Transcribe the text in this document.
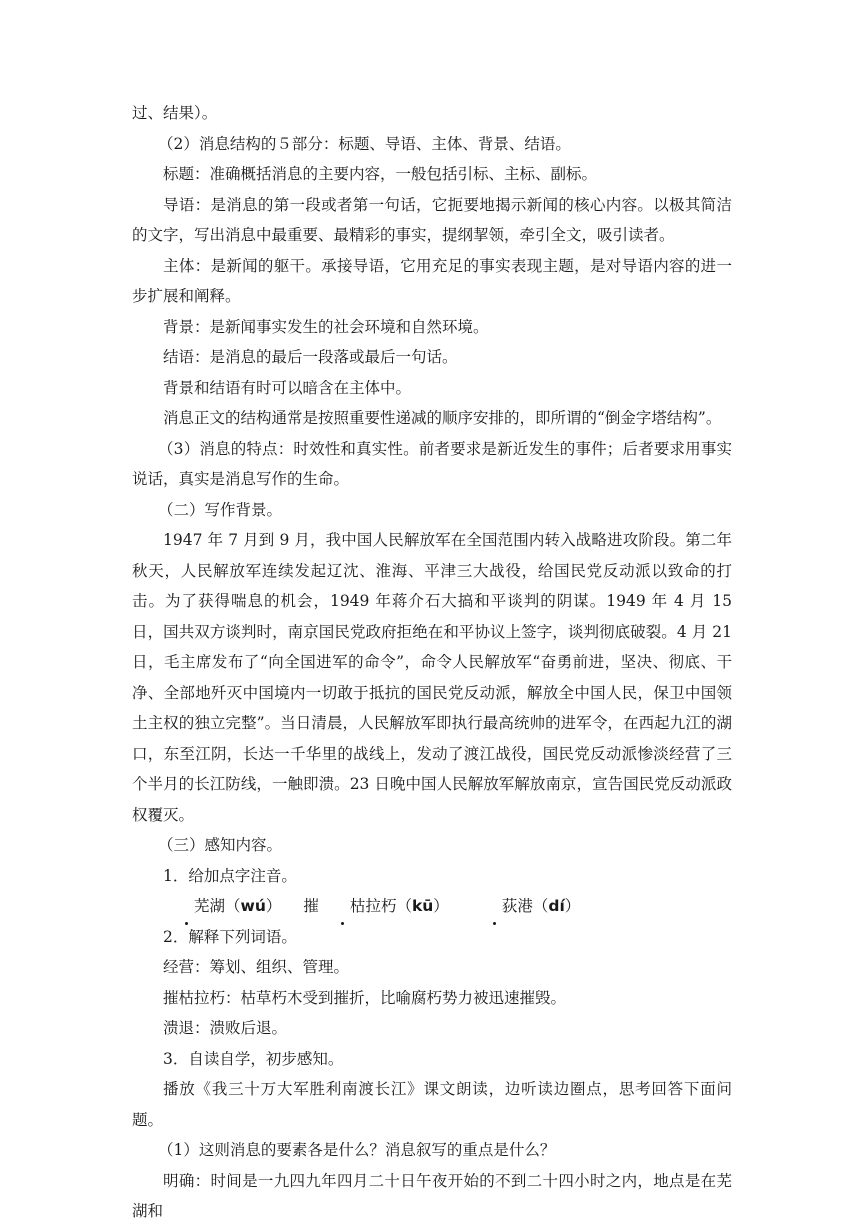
过、结果）。

（2）消息结构的５部分：标题、导语、主体、背景、结语。

标题：准确概括消息的主要内容，一般包括引标、主标、副标。

导语：是消息的第一段或者第一句话，它扼要地揭示新闻的核心内容。以极其简洁的文字，写出消息中最重要、最精彩的事实，提纲挈领，牵引全文，吸引读者。

主体：是新闻的躯干。承接导语，它用充足的事实表现主题，是对导语内容的进一步扩展和阐释。

背景：是新闻事实发生的社会环境和自然环境。

结语：是消息的最后一段落或最后一句话。

背景和结语有时可以暗含在主体中。

消息正文的结构通常是按照重要性递减的顺序安排的，即所谓的“倒金字塔结构”。

（3）消息的特点：时效性和真实性。前者要求是新近发生的事件；后者要求用事实说话，真实是消息写作的生命。

（二）写作背景。

1947 年 7 月到 9 月，我中国人民解放军在全国范围内转入战略进攻阶段。第二年秋天，人民解放军连续发起辽沈、淮海、平津三大战役，给国民党反动派以致命的打击。为了获得喘息的机会，1949 年蒋介石大搞和平谈判的阴谋。1949 年 4 月 15 日，国共双方谈判时，南京国民党政府拒绝在和平协议上签字，谈判彻底破裂。4 月 21 日，毛主席发布了“向全国进军的命令”，命令人民解放军“奋勇前进，坚决、彻底、干净、全部地歼灭中国境内一切敢于抵抗的国民党反动派，解放全中国人民，保卫中国领土主权的独立完整”。当日清晨，人民解放军即执行最高统帅的进军令，在西起九江的湖口，东至江阴，长达一千华里的战线上，发动了渡江战役，国民党反动派惨淡经营了三个半月的长江防线，一触即溃。23 日晚中国人民解放军解放南京，宣告国民党反动派政权覆灭。

（三）感知内容。

1．给加点字注音。

芜湖（wú） 摧 枯拉朽（kū）	荻港（dí）

2．解释下列词语。

经营：筹划、组织、管理。

摧枯拉朽：枯草朽木受到摧折，比喻腐朽势力被迅速摧毁。

溃退：溃败后退。

3．自读自学，初步感知。

播放《我三十万大军胜利南渡长江》课文朗读，边听读边圈点，思考回答下面问题。

（1）这则消息的要素各是什么？消息叙写的重点是什么？

明确：时间是一九四九年四月二十日午夜开始的不到二十四小时之内，地点是在芜湖和
